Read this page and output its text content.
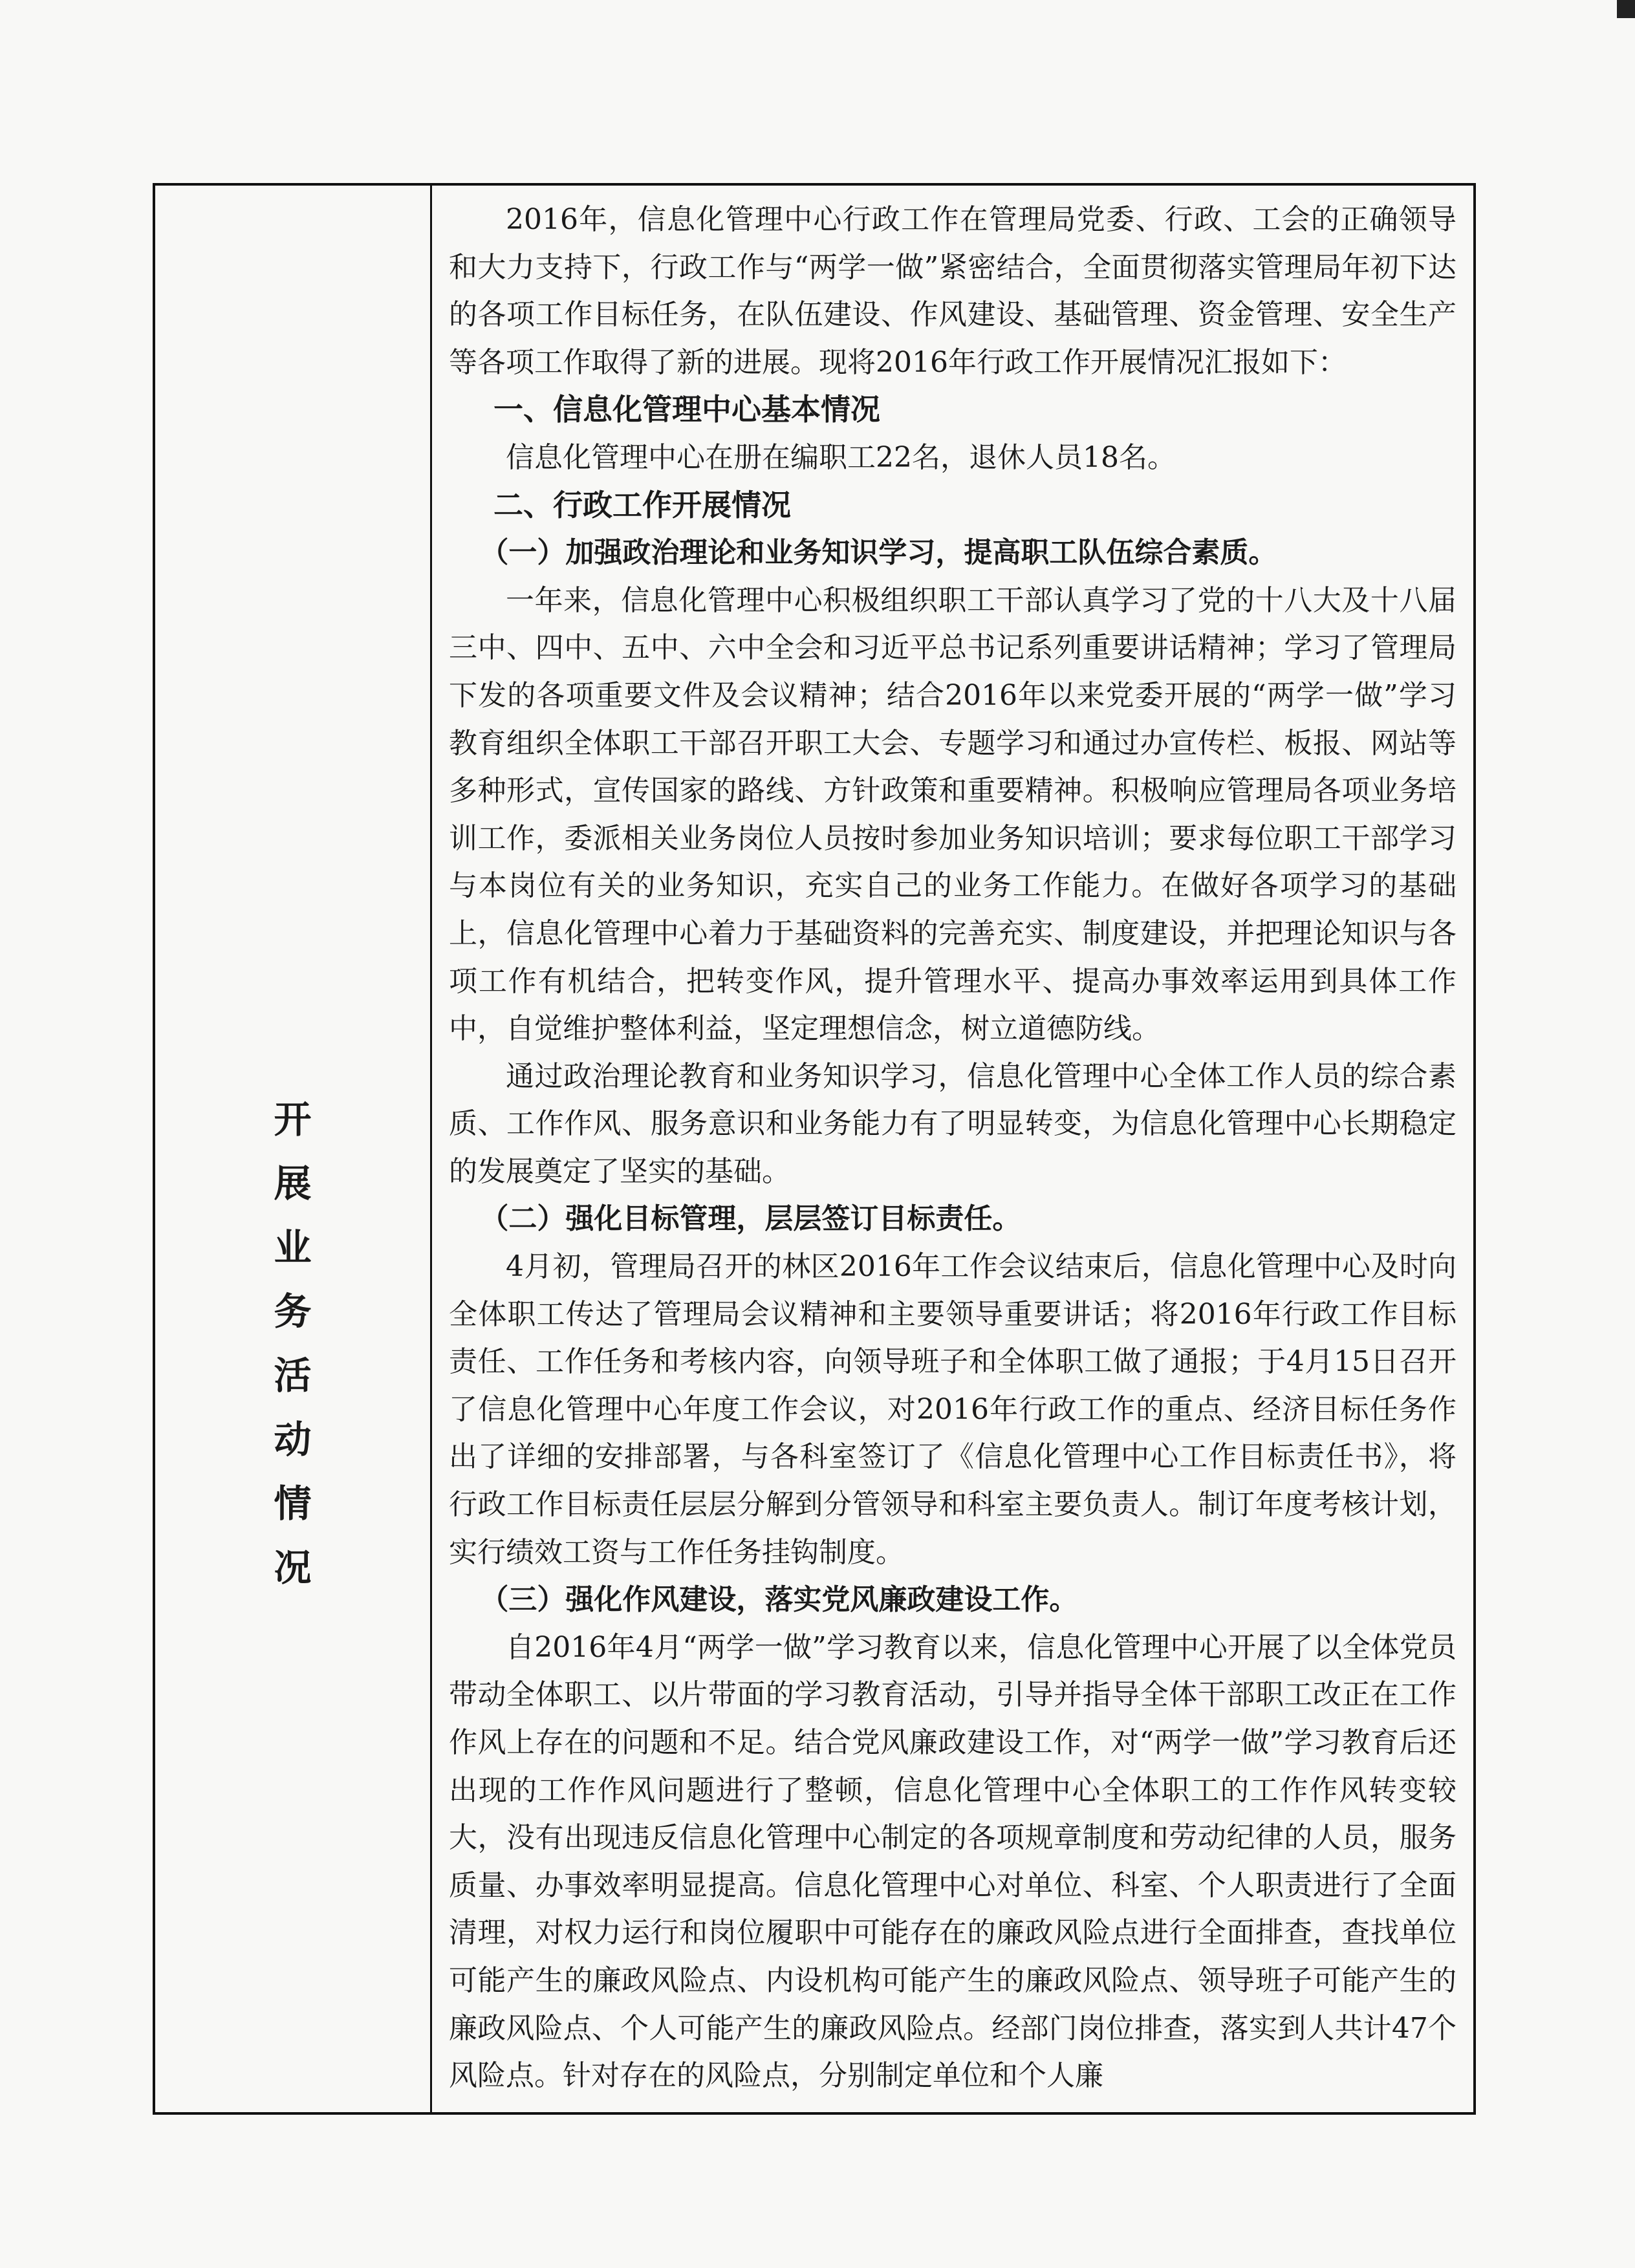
开
展
业
务
活
动
情
况

2016年，信息化管理中心行政工作在管理局党委、行政、工会的正确领导和大力支持下，行政工作与“两学一做”紧密结合，全面贯彻落实管理局年初下达的各项工作目标任务，在队伍建设、作风建设、基础管理、资金管理、安全生产等各项工作取得了新的进展。现将2016年行政工作开展情况汇报如下：

一、信息化管理中心基本情况

信息化管理中心在册在编职工22名，退休人员18名。

二、行政工作开展情况
（一）加强政治理论和业务知识学习，提高职工队伍综合素质。

一年来，信息化管理中心积极组织职工干部认真学习了党的十八大及十八届三中、四中、五中、六中全会和习近平总书记系列重要讲话精神；学习了管理局下发的各项重要文件及会议精神；结合2016年以来党委开展的“两学一做”学习教育组织全体职工干部召开职工大会、专题学习和通过办宣传栏、板报、网站等多种形式，宣传国家的路线、方针政策和重要精神。积极响应管理局各项业务培训工作，委派相关业务岗位人员按时参加业务知识培训；要求每位职工干部学习与本岗位有关的业务知识，充实自己的业务工作能力。在做好各项学习的基础上，信息化管理中心着力于基础资料的完善充实、制度建设，并把理论知识与各项工作有机结合，把转变作风，提升管理水平、提高办事效率运用到具体工作中，自觉维护整体利益，坚定理想信念，树立道德防线。

通过政治理论教育和业务知识学习，信息化管理中心全体工作人员的综合素质、工作作风、服务意识和业务能力有了明显转变，为信息化管理中心长期稳定的发展奠定了坚实的基础。

（二）强化目标管理，层层签订目标责任。

4月初，管理局召开的林区2016年工作会议结束后，信息化管理中心及时向全体职工传达了管理局会议精神和主要领导重要讲话；将2016年行政工作目标责任、工作任务和考核内容，向领导班子和全体职工做了通报；于4月15日召开了信息化管理中心年度工作会议，对2016年行政工作的重点、经济目标任务作出了详细的安排部署，与各科室签订了《信息化管理中心工作目标责任书》，将行政工作目标责任层层分解到分管领导和科室主要负责人。制订年度考核计划，实行绩效工资与工作任务挂钩制度。

（三）强化作风建设，落实党风廉政建设工作。

自2016年4月“两学一做”学习教育以来，信息化管理中心开展了以全体党员带动全体职工、以片带面的学习教育活动，引导并指导全体干部职工改正在工作作风上存在的问题和不足。结合党风廉政建设工作，对“两学一做”学习教育后还出现的工作作风问题进行了整顿，信息化管理中心全体职工的工作作风转变较大，没有出现违反信息化管理中心制定的各项规章制度和劳动纪律的人员，服务质量、办事效率明显提高。信息化管理中心对单位、科室、个人职责进行了全面清理，对权力运行和岗位履职中可能存在的廉政风险点进行全面排查，查找单位可能产生的廉政风险点、内设机构可能产生的廉政风险点、领导班子可能产生的廉政风险点、个人可能产生的廉政风险点。经部门岗位排查，落实到人共计47个风险点。针对存在的风险点，分别制定单位和个人廉
